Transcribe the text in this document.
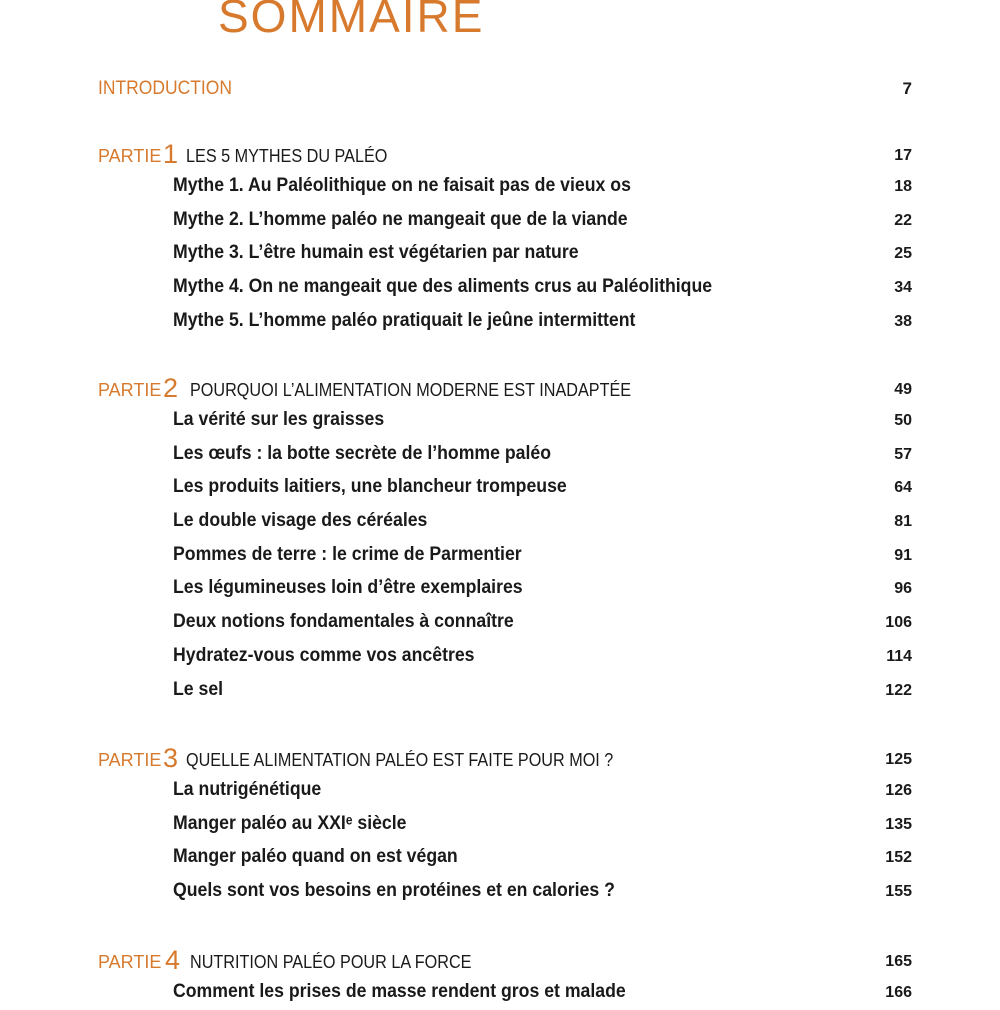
SOMMAIRE
INTRODUCTION	7
PARTIE 1 LES 5 MYTHES DU PALÉO	17
Mythe 1. Au Paléolithique on ne faisait pas de vieux os	18
Mythe 2. L’homme paléo ne mangeait que de la viande	22
Mythe 3. L’être humain est végétarien par nature	25
Mythe 4. On ne mangeait que des aliments crus au Paléolithique	34
Mythe 5. L’homme paléo pratiquait le jeûne intermittent	38
PARTIE 2 POURQUOI L’ALIMENTATION MODERNE EST INADAPTÉE	49
La vérité sur les graisses	50
Les œufs : la botte secrète de l’homme paléo	57
Les produits laitiers, une blancheur trompeuse	64
Le double visage des céréales	81
Pommes de terre : le crime de Parmentier	91
Les légumineuses loin d’être exemplaires	96
Deux notions fondamentales à connaître	106
Hydratez-vous comme vos ancêtres	114
Le sel	122
PARTIE 3 QUELLE ALIMENTATION PALÉO EST FAITE POUR MOI ?	125
La nutrigénétique	126
Manger paléo au XXIᵉ siècle	135
Manger paléo quand on est végan	152
Quels sont vos besoins en protéines et en calories ?	155
PARTIE 4 NUTRITION PALÉO POUR LA FORCE	165
Comment les prises de masse rendent gros et malade	166
